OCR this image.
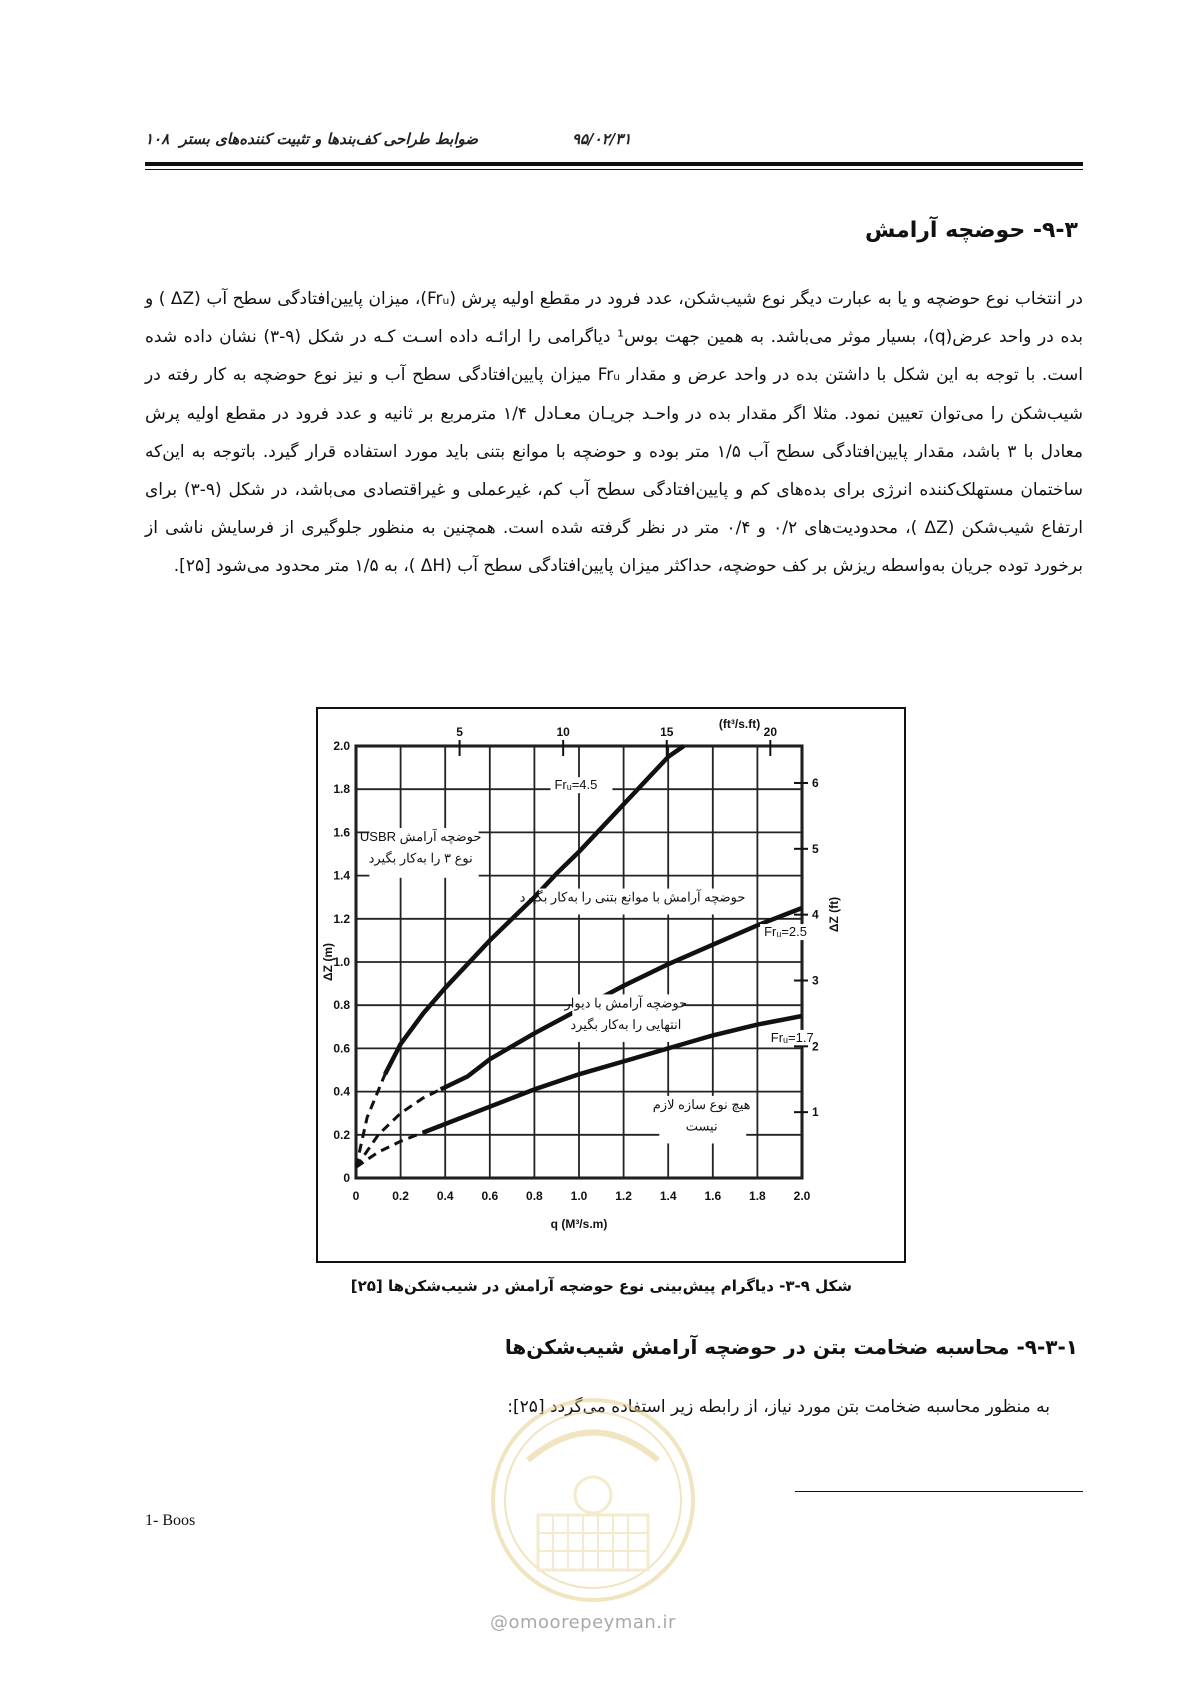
۱۰۸	۹۵/۰۲/۳۱
ضوابط طراحی کف‌بندها و تثبیت کننده‌های بستر
۹-۳- حوضچه آرامش
در انتخاب نوع حوضچه و یا به عبارت دیگر نوع شیب‌شکن، عدد فرود در مقطع اولیه پرش (Frᵤ)، میزان پایین‌افتادگی سطح آب (ΔZ ) و بده در واحد عرض(q)، بسیار موثر می‌باشد. به همین جهت بوس¹ دیاگرامی را ارائـه داده اسـت کـه در شکل (۹-۳) نشان داده شده است. با توجه به این شکل با داشتن بده در واحد عرض و مقدار Frᵤ میزان پایین‌افتادگی سطح آب و نیز نوع حوضچه به کار رفته در شیب‌شکن را می‌توان تعیین نمود. مثلا اگر مقدار بده در واحـد جریـان معـادل ۱/۴ مترمربع بر ثانیه و عدد فرود در مقطع اولیه پرش معادل با ۳ باشد، مقدار پایین‌افتادگی سطح آب ۱/۵ متر بوده و حوضچه با موانع بتنی باید مورد استفاده قرار گیرد. باتوجه به این‌که ساختمان مستهلک‌کننده انرژی برای بده‌های کم و پایین‌افتادگی سطح آب کم، غیرعملی و غیراقتصادی می‌باشد، در شکل (۹-۳) برای ارتفاع شیب‌شکن (ΔZ )، محدودیت‌های ۰/۲ و ۰/۴ متر در نظر گرفته شده است. همچنین به منظور جلوگیری از فرسایش ناشی از برخورد توده جریان به‌واسطه ریزش بر کف حوضچه، حداکثر میزان پایین‌افتادگی سطح آب (ΔH )، به ۱/۵ متر محدود می‌شود [۲۵].
Frᵤ=4.5
Frᵤ=2.5
Frᵤ=1.7
حوضچه آرامش USBR
نوع ۳ را به‌کار بگیرد
حوضچه آرامش با موانع بتنی را به‌کار بگیرد
حوضچه آرامش با دیوار
انتهایی را به‌کار بگیرد
هیچ نوع سازه لازم
نیست
0	0.2 0.4 0.6 0.8 1.0 1.2 1.4 1.6 1.8 2.0
0
0.2
0.4
0.6
0.8
1.0
1.2
1.4
1.6
1.8
2.0
5	10	15	20
(ft³/s.ft)
1
2
3
4
5
6
ΔZ (ft)
q (M³/s.m)
ΔZ (m)
شکل ۹-۳- دیاگرام پیش‌بینی نوع حوضچه آرامش در شیب‌شکن‌ها [۲۵]
۹-۳-۱- محاسبه ضخامت بتن در حوضچه آرامش شیب‌شکن‌ها
به منظور محاسبه ضخامت بتن مورد نیاز، از رابطه زیر استفاده می‌گردد [۲۵]:
1- Boos
@omoorepeyman.ir
